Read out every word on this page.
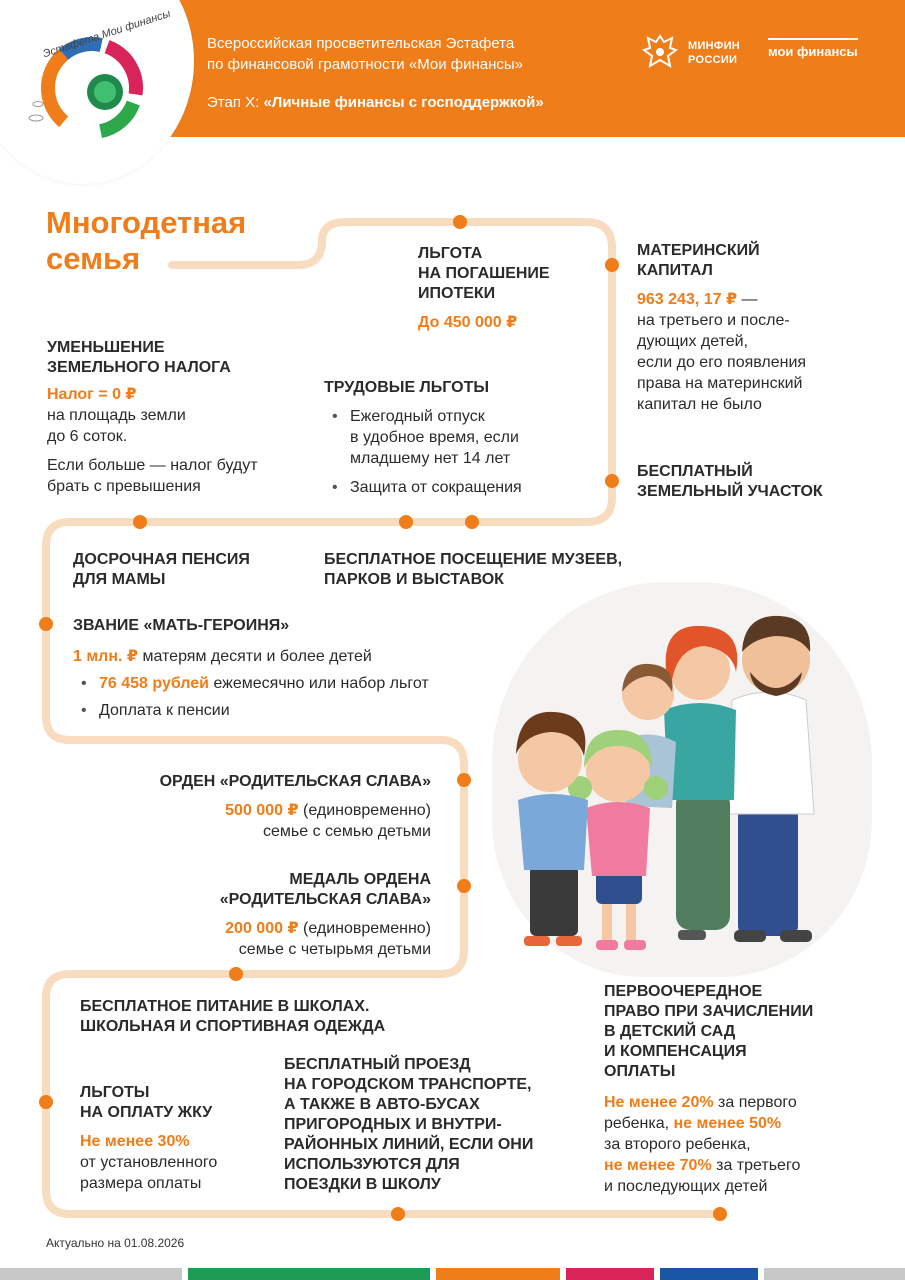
Эстафета Мои финансы Всероссийская просветительская Эстафета
по финансовой грамотности «Мои финансы»
Этап X: «Личные финансы с господдержкой»
МИНФИН
РОССИИ
мои финансы
Многодетная
семья	ЛЬГОТА
НА ПОГАШЕНИЕ
ИПОТЕКИ
До 450 000 ₽
МАТЕРИНСКИЙ
КАПИТАЛ
963 243, 17 ₽ —
на третьего и после-
дующих детей,
если до его появления
права на материнский
капитал не было
УМЕНЬШЕНИЕ
ЗЕМЕЛЬНОГО НАЛОГА
Налог = 0 ₽
на площадь земли
до 6 соток.
Если больше — налог будут
брать с превышения
ТРУДОВЫЕ ЛЬГОТЫ
• Ежегодный отпуск
в удобное время, если
младшему нет 14 лет
• Защита от сокращения
БЕСПЛАТНЫЙ
ЗЕМЕЛЬНЫЙ УЧАСТОК
ДОСРОЧНАЯ ПЕНСИЯ
ДЛЯ МАМЫ
БЕСПЛАТНОЕ ПОСЕЩЕНИЕ МУЗЕЕВ,
ПАРКОВ И ВЫСТАВОК
ЗВАНИЕ «МАТЬ-ГЕРОИНЯ»
1 млн. ₽ матерям десяти и более детей
• 76 458 рублей ежемесячно или набор льгот
• Доплата к пенсии
ОРДЕН «РОДИТЕЛЬСКАЯ СЛАВА»
500 000 ₽ (единовременно)
семье с семью детьми
МЕДАЛЬ ОРДЕНА
«РОДИТЕЛЬСКАЯ СЛАВА»
200 000 ₽ (единовременно)
семье с четырьмя детьми
БЕСПЛАТНОЕ ПИТАНИЕ В ШКОЛАХ.
ШКОЛЬНАЯ И СПОРТИВНАЯ ОДЕЖДА
ПЕРВООЧЕРЕДНОЕ
ПРАВО ПРИ ЗАЧИСЛЕНИИ
В ДЕТСКИЙ САД
И КОМПЕНСАЦИЯ
ОПЛАТЫ
Не менее 20% за первого
ребенка, не менее 50%
за второго ребенка,
не менее 70% за третьего
и последующих детей
БЕСПЛАТНЫЙ ПРОЕЗД
НА ГОРОДСКОМ ТРАНСПОРТЕ,
А ТАКЖЕ В АВТО-БУСАХ
ПРИГОРОДНЫХ И ВНУТРИ-
РАЙОННЫХ ЛИНИЙ, ЕСЛИ ОНИ
ИСПОЛЬЗУЮТСЯ ДЛЯ
ПОЕЗДКИ В ШКОЛУ
ЛЬГОТЫ
НА ОПЛАТУ ЖКУ
Не менее 30%
от установленного
размера оплаты
Актуально на 01.08.2026
